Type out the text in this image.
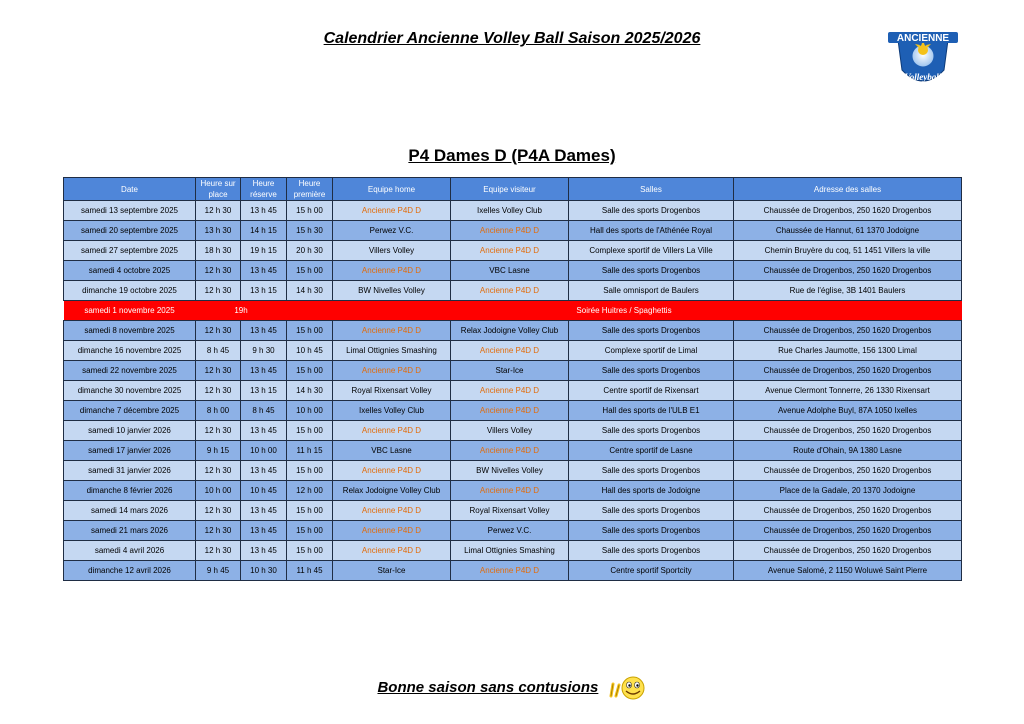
Calendrier Ancienne Volley Ball Saison 2025/2026	ANCIENNE
Volleyball
P4 Dames D (P4A Dames)
Date	Heure sur place	Heure réserve	Heure première	Equipe home	Equipe visiteur	Salles	Adresse des salles
samedi 13 septembre 2025	12 h 30	13 h 45	15 h 00	Ancienne P4D D	Ixelles Volley Club	Salle des sports Drogenbos	Chaussée de Drogenbos, 250 1620 Drogenbos
samedi 20 septembre 2025	13 h 30	14 h 15	15 h 30	Perwez V.C.	Ancienne P4D D	Hall des sports de l'Athénée Royal	Chaussée de Hannut, 61 1370 Jodoigne
samedi 27 septembre 2025	18 h 30	19 h 15	20 h 30	Villers Volley	Ancienne P4D D	Complexe sportif de Villers La Ville	Chemin Bruyère du coq, 51 1451 Villers la ville
samedi 4 octobre 2025	12 h 30	13 h 45	15 h 00	Ancienne P4D D	VBC Lasne	Salle des sports Drogenbos	Chaussée de Drogenbos, 250 1620 Drogenbos
dimanche 19 octobre 2025	12 h 30	13 h 15	14 h 30	BW Nivelles Volley	Ancienne P4D D	Salle omnisport de Baulers	Rue de l'église, 3B 1401 Baulers
samedi 1 novembre 2025	19h		Soirée Huitres / Spaghettis				
samedi 8 novembre 2025	12 h 30	13 h 45	15 h 00	Ancienne P4D D	Relax Jodoigne Volley Club	Salle des sports Drogenbos	Chaussée de Drogenbos, 250 1620 Drogenbos
dimanche 16 novembre 2025	8 h 45	9 h 30	10 h 45	Limal Ottignies Smashing	Ancienne P4D D	Complexe sportif de Limal	Rue Charles Jaumotte, 156 1300 Limal
samedi 22 novembre 2025	12 h 30	13 h 45	15 h 00	Ancienne P4D D	Star-Ice	Salle des sports Drogenbos	Chaussée de Drogenbos, 250 1620 Drogenbos
dimanche 30 novembre 2025	12 h 30	13 h 15	14 h 30	Royal Rixensart Volley	Ancienne P4D D	Centre sportif de Rixensart	Avenue Clermont Tonnerre, 26 1330 Rixensart
dimanche 7 décembre 2025	8 h 00	8 h 45	10 h 00	Ixelles Volley Club	Ancienne P4D D	Hall des sports de l'ULB E1	Avenue Adolphe Buyl, 87A 1050 Ixelles
samedi 10 janvier 2026	12 h 30	13 h 45	15 h 00	Ancienne P4D D	Villers Volley	Salle des sports Drogenbos	Chaussée de Drogenbos, 250 1620 Drogenbos
samedi 17 janvier 2026	9 h 15	10 h 00	11 h 15	VBC Lasne	Ancienne P4D D	Centre sportif de Lasne	Route d'Ohain, 9A 1380 Lasne
samedi 31 janvier 2026	12 h 30	13 h 45	15 h 00	Ancienne P4D D	BW Nivelles Volley	Salle des sports Drogenbos	Chaussée de Drogenbos, 250 1620 Drogenbos
dimanche 8 février 2026	10 h 00	10 h 45	12 h 00	Relax Jodoigne Volley Club	Ancienne P4D D	Hall des sports de Jodoigne	Place de la Gadale, 20 1370 Jodoigne
samedi 14 mars 2026	12 h 30	13 h 45	15 h 00	Ancienne P4D D	Royal Rixensart Volley	Salle des sports Drogenbos	Chaussée de Drogenbos, 250 1620 Drogenbos
samedi 21 mars 2026	12 h 30	13 h 45	15 h 00	Ancienne P4D D	Perwez V.C.	Salle des sports Drogenbos	Chaussée de Drogenbos, 250 1620 Drogenbos
samedi 4 avril 2026	12 h 30	13 h 45	15 h 00	Ancienne P4D D	Limal Ottignies Smashing	Salle des sports Drogenbos	Chaussée de Drogenbos, 250 1620 Drogenbos
dimanche 12 avril 2026	9 h 45	10 h 30	11 h 45	Star-Ice	Ancienne P4D D	Centre sportif Sportcity	Avenue Salomé, 2 1150 Woluwé Saint Pierre
Bonne saison sans contusions
